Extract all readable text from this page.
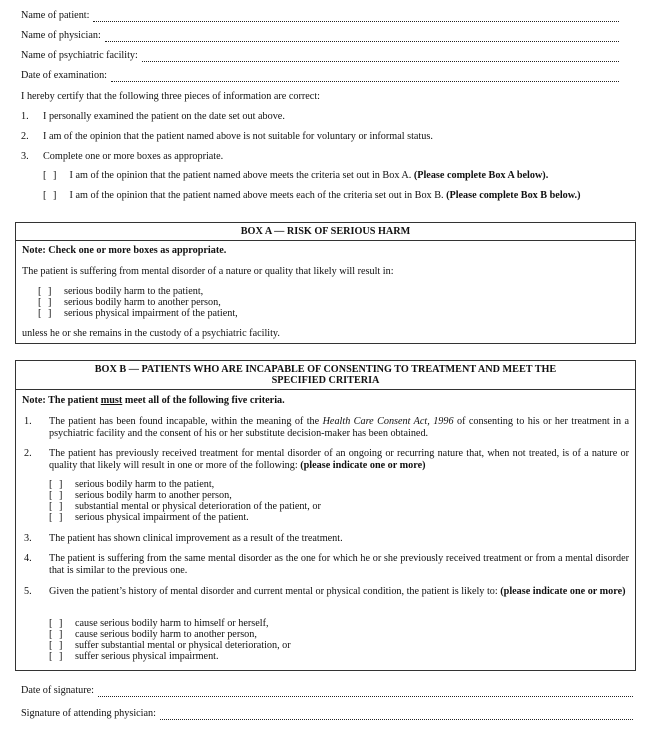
Name of patient:
Name of physician:
Name of psychiatric facility:
Date of examination:
I hereby certify that the following three pieces of information are correct:
1.	I personally examined the patient on the date set out above.
2.	I am of the opinion that the patient named above is not suitable for voluntary or informal status.
3.	Complete one or more boxes as appropriate.
[ ] I am of the opinion that the patient named above meets the criteria set out in Box A. (Please complete Box A below).
[ ] I am of the opinion that the patient named above meets each of the criteria set out in Box B. (Please complete Box B below.)
BOX A — RISK OF SERIOUS HARM
Note: Check one or more boxes as appropriate.
The patient is suffering from mental disorder of a nature or quality that likely will result in:
[ ] serious bodily harm to the patient,
[ ] serious bodily harm to another person,
[ ] serious physical impairment of the patient,
unless he or she remains in the custody of a psychiatric facility.
BOX B — PATIENTS WHO ARE INCAPABLE OF CONSENTING TO TREATMENT AND MEET THE
SPECIFIED CRITERIA
Note: The patient must meet all of the following five criteria.
1. The patient has been found incapable, within the meaning of the Health Care Consent Act, 1996 of consenting to his or her treatment in a psychiatric facility and the consent of his or her substitute decision-maker has been obtained.
2. The patient has previously received treatment for mental disorder of an ongoing or recurring nature that, when not treated, is of a nature or quality that likely will result in one or more of the following: (please indicate one or more)
[ ] serious bodily harm to the patient,
[ ] serious bodily harm to another person,
[ ] substantial mental or physical deterioration of the patient, or
[ ] serious physical impairment of the patient.
3. The patient has shown clinical improvement as a result of the treatment.
4. The patient is suffering from the same mental disorder as the one for which he or she previously received treatment or from a mental disorder that is similar to the previous one.
5. Given the patient’s history of mental disorder and current mental or physical condition, the patient is likely to: (please indicate one or more)
[ ] cause serious bodily harm to himself or herself,
[ ] cause serious bodily harm to another person,
[ ] suffer substantial mental or physical deterioration, or
[ ] suffer serious physical impairment.
Date of signature:
Signature of attending physician:
